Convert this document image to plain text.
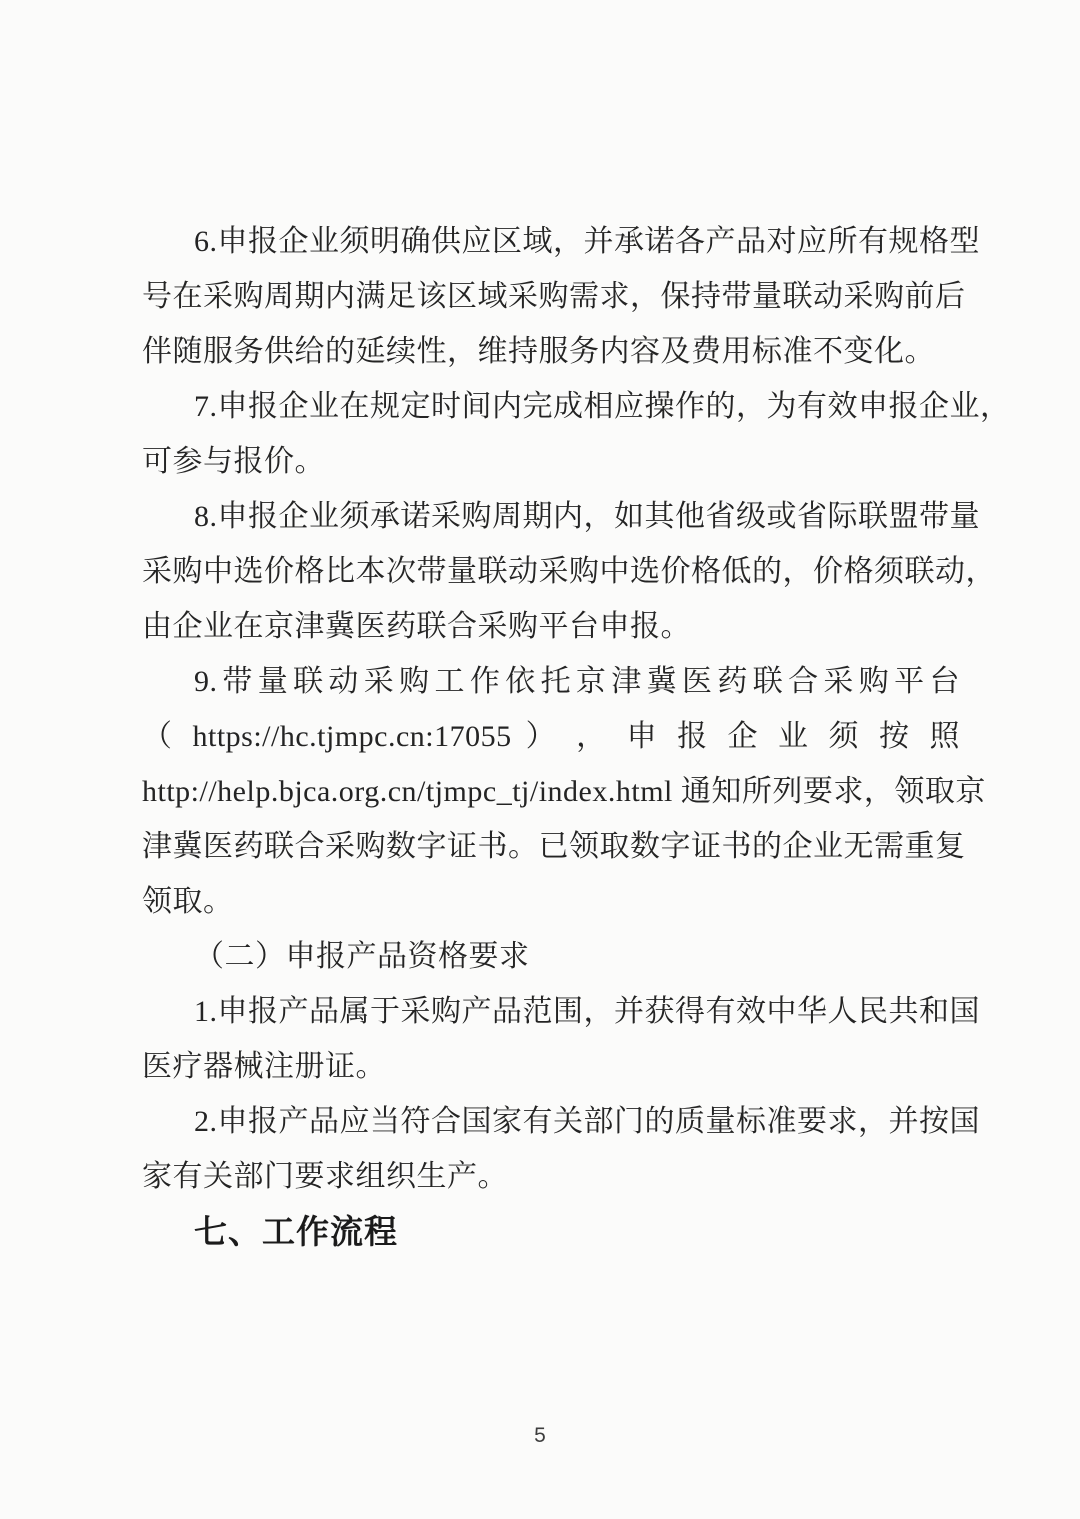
6.申报企业须明确供应区域，并承诺各产品对应所有规格型
号在采购周期内满足该区域采购需求，保持带量联动采购前后
伴随服务供给的延续性，维持服务内容及费用标准不变化。
7.申报企业在规定时间内完成相应操作的，为有效申报企业，
可参与报价。
8.申报企业须承诺采购周期内，如其他省级或省际联盟带量
采购中选价格比本次带量联动采购中选价格低的，价格须联动，
由企业在京津冀医药联合采购平台申报。
9.带量联动采购工作依托京津冀医药联合采购平台
（ https://hc.tjmpc.cn:17055 ） ， 申 报 企 业 须 按 照
http://help.bjca.org.cn/tjmpc_tj/index.html 通知所列要求，领取京
津冀医药联合采购数字证书。已领取数字证书的企业无需重复
领取。
（二）申报产品资格要求
1.申报产品属于采购产品范围，并获得有效中华人民共和国
医疗器械注册证。
2.申报产品应当符合国家有关部门的质量标准要求，并按国
家有关部门要求组织生产。
七、工作流程
5
